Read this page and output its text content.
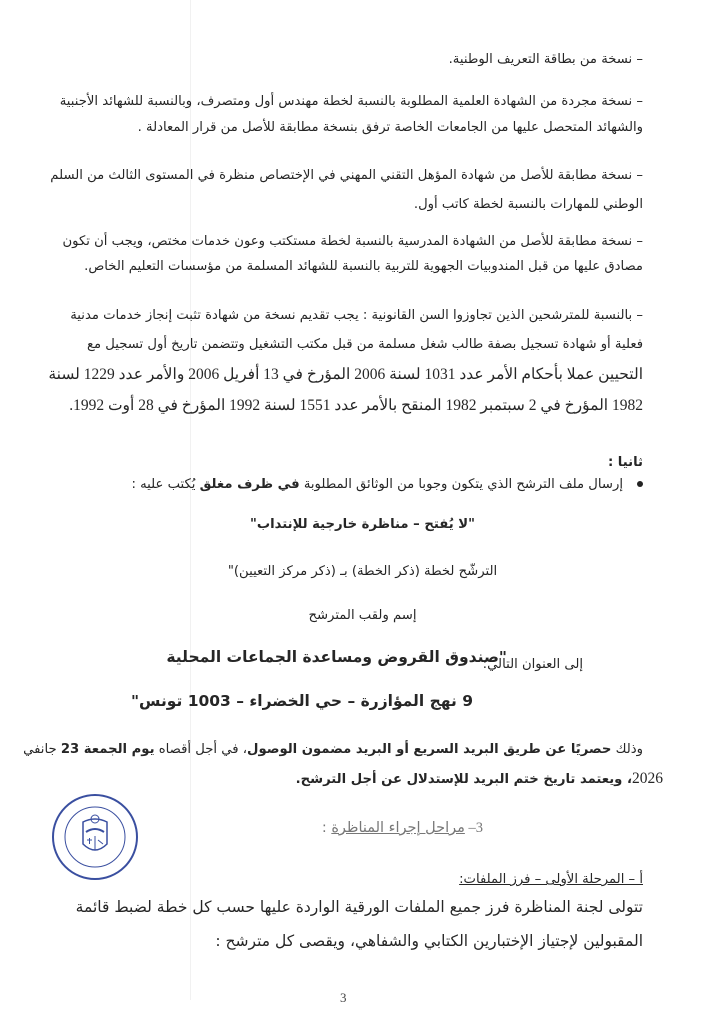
– نسخة من بطاقة التعريف الوطنية.
– نسخة مجردة من الشهادة العلمية المطلوبة بالنسبة لخطة مهندس أول ومتصرف، وبالنسبة للشهائد الأجنبية
والشهائد المتحصل عليها من الجامعات الخاصة ترفق بنسخة مطابقة للأصل من قرار المعادلة .
– نسخة مطابقة للأصل من شهادة المؤهل التقني المهني في الإختصاص منظرة في المستوى الثالث من السلم
الوطني للمهارات بالنسبة لخطة كاتب أول.
– نسخة مطابقة للأصل من الشهادة المدرسية بالنسبة لخطة مستكتب وعون خدمات مختص، ويجب أن تكون
مصادق عليها من قبل المندوبيات الجهوية للتربية بالنسبة للشهائد المسلمة من مؤسسات التعليم الخاص.
– بالنسبة للمترشحين الذين تجاوزوا السن القانونية : يجب تقديم نسخة من شهادة تثبت إنجاز خدمات مدنية
فعلية أو شهادة تسجيل بصفة طالب شغل مسلمة من قبل مكتب التشغيل وتتضمن تاريخ أول تسجيل مع
التحيين عملا بأحكام الأمر عدد 1031 لسنة 2006 المؤرخ في 13 أفريل 2006 والأمر عدد 1229 لسنة
1982 المؤرخ في 2 سبتمبر 1982 المنقح بالأمر عدد 1551 لسنة 1992 المؤرخ في 28 أوت 1992.
ثانيا :
إرسال ملف الترشح الذي يتكون وجوبا من الوثائق المطلوبة في ظرف مغلق يُكتب عليه :
"لا يُفتح – مناظرة خارجية للإنتداب"
الترشّح لخطة (ذكر الخطة) بـ (ذكر مركز التعيين)"
إسم ولقب المترشح
إلى العنوان التالي:
"صندوق القروض ومساعدة الجماعات المحلية
9 نهج المؤازرة – حي الخضراء – 1003 تونس"
وذلك حصريًا عن طريق البريد السريع أو البريد مضمون الوصول، في أجل أقصاه يوم الجمعة 23 جانفي
2026، ويعتمد تاريخ ختم البريد للإستدلال عن أجل الترشح.
3– مراحل إجراء المناظرة :
أ – المرحلة الأولى – فرز الملفات:
تتولى لجنة المناظرة فرز جميع الملفات الورقية الواردة عليها حسب كل خطة لضبط قائمة
المقبولين لإجتياز الإختبارين الكتابي والشفاهي، ويقصى كل مترشح :
3
